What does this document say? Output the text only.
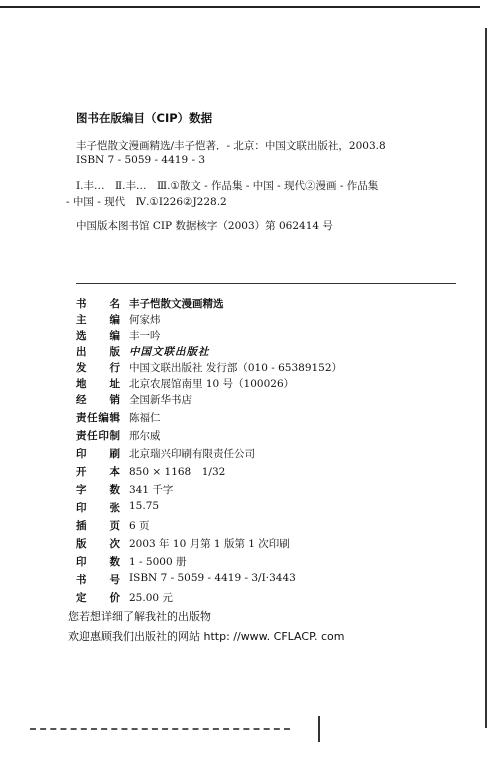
图书在版编目（CIP）数据
丰子恺散文漫画精选/丰子恺著．- 北京：中国文联出版社，2003.8
ISBN 7 - 5059 - 4419 - 3
Ⅰ.丰…　Ⅱ.丰…　Ⅲ.①散文 - 作品集 - 中国 - 现代②漫画 - 作品集
- 中国 - 现代　Ⅳ.①I226②J228.2
中国版本图书馆 CIP 数据核字（2003）第 062414 号
书名 丰子恺散文漫画精选
主编 何家炜
选编 丰一吟
出版 中国文联出版社
发行 中国文联出版社 发行部（010 - 65389152）
地址 北京农展馆南里 10 号（100026）
经销 全国新华书店
责任编辑 陈福仁
责任印制 邢尔威
印刷 北京瑞兴印刷有限责任公司
开本 850 × 1168　1/32
字数 341 千字
印张 15.75
插页 6 页
版次 2003 年 10 月第 1 版第 1 次印刷
印数 1 - 5000 册
书号 ISBN 7 - 5059 - 4419 - 3/I·3443
定价 25.00 元
您若想详细了解我社的出版物
欢迎惠顾我们出版社的网站 http: //www. CFLACP. com
